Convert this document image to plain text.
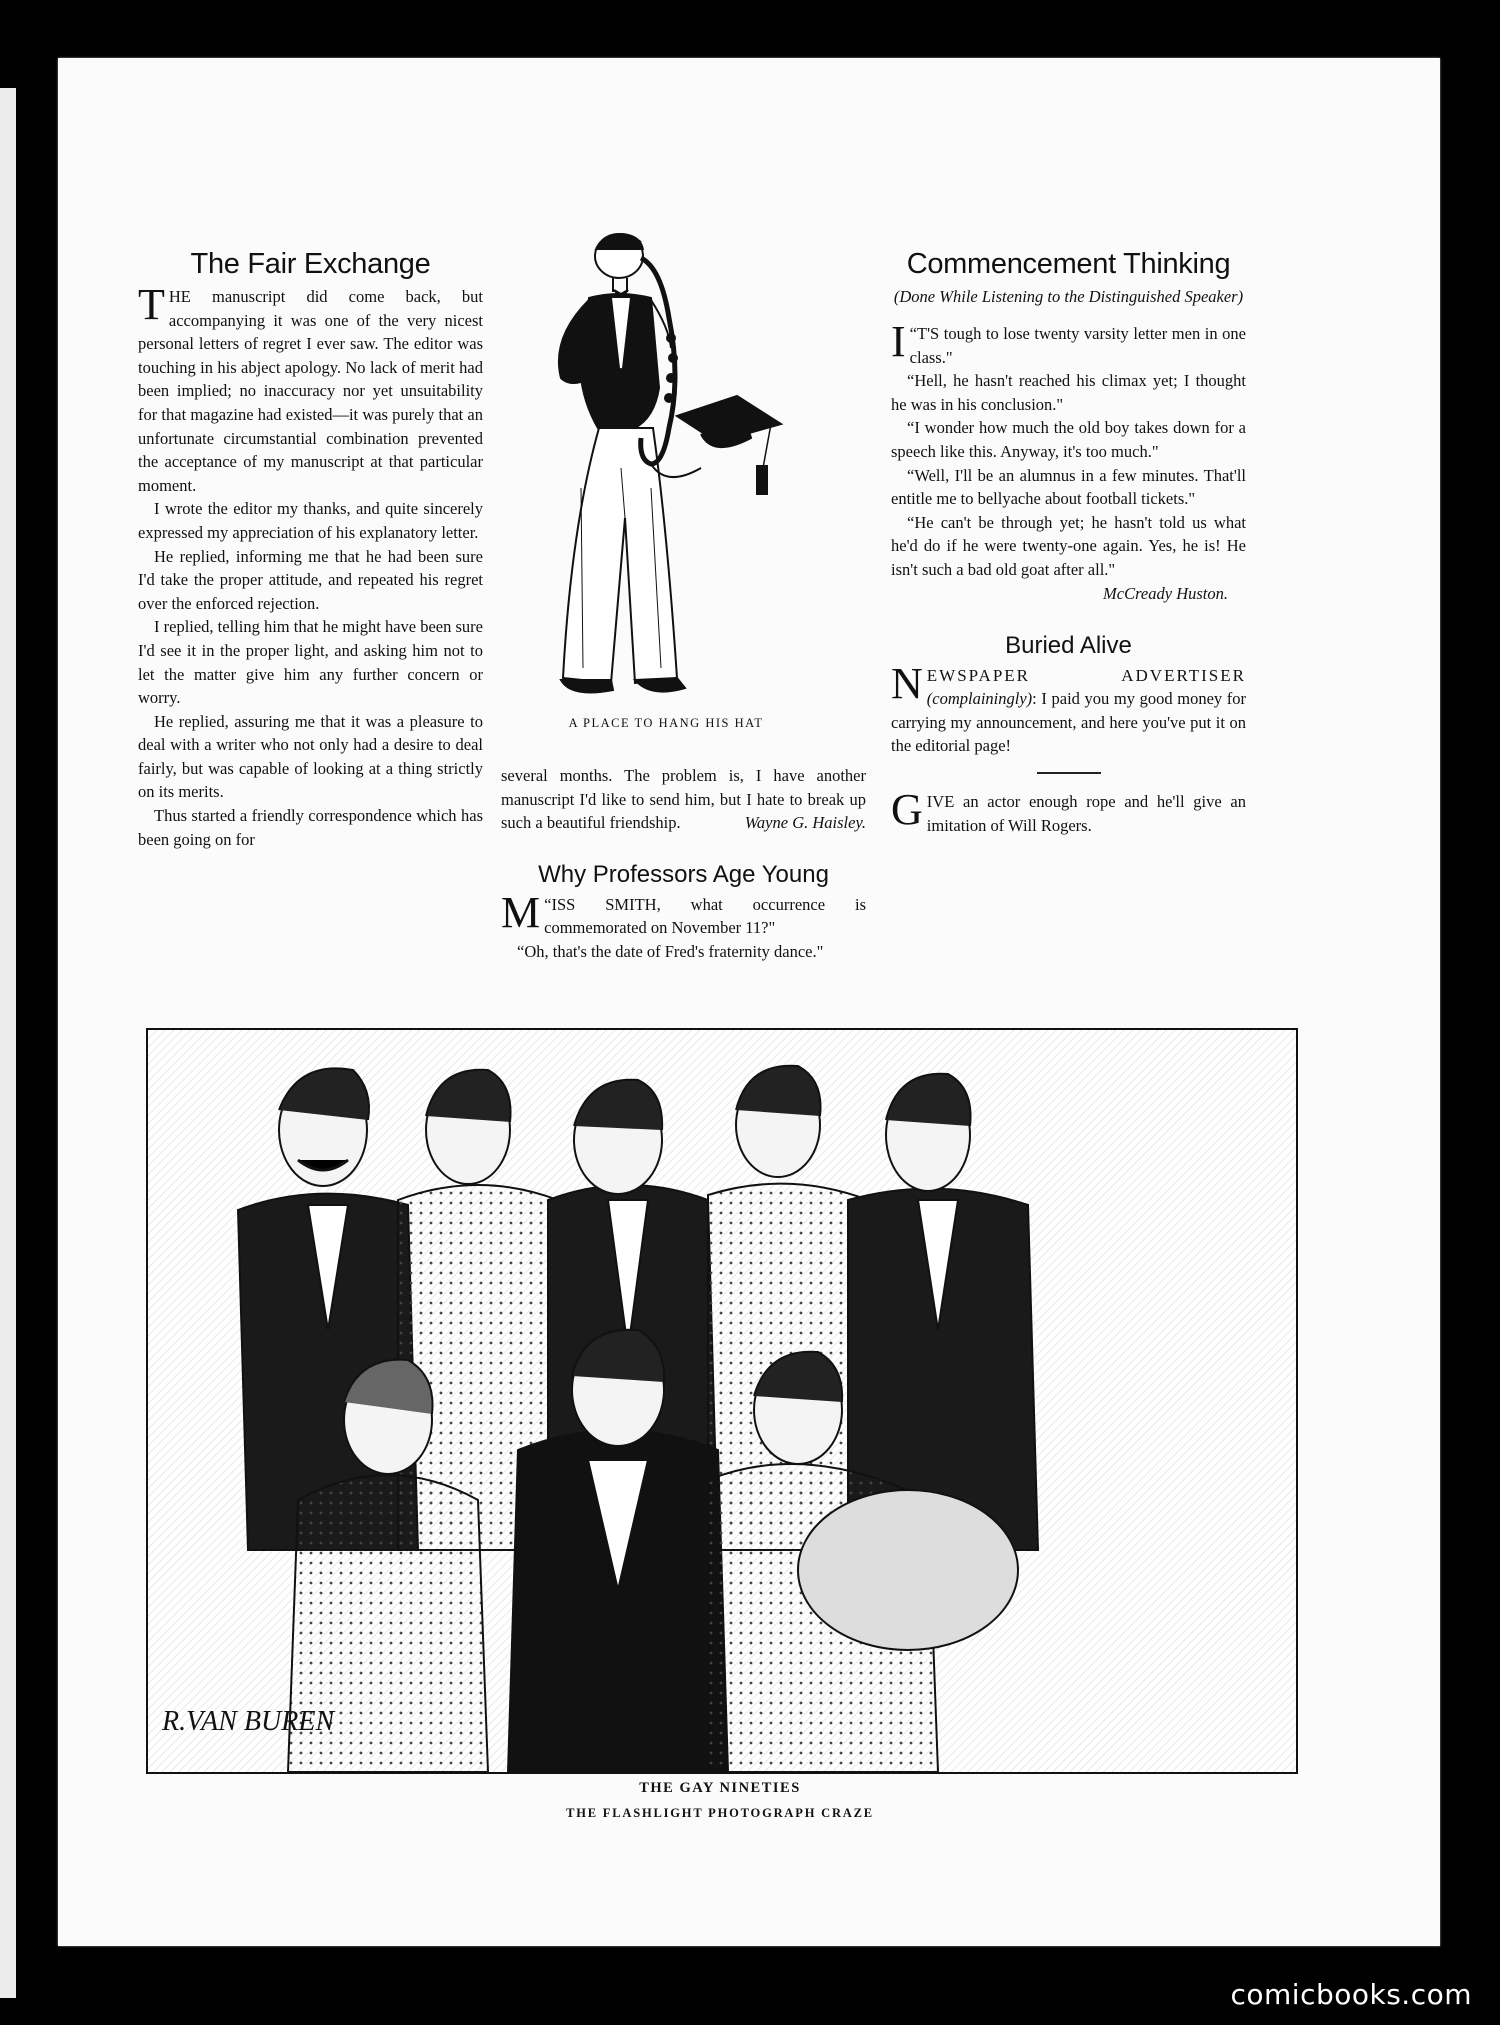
The Fair Exchange

THE manuscript did come back, but accompanying it was one of the very nicest personal letters of regret I ever saw. The editor was touching in his abject apology. No lack of merit had been implied; no inaccuracy nor yet unsuitability for that magazine had existed—it was purely that an unfortunate circumstantial combination prevented the acceptance of my manuscript at that particular moment.

I wrote the editor my thanks, and quite sincerely expressed my appreciation of his explanatory letter.

He replied, informing me that he had been sure I'd take the proper attitude, and repeated his regret over the enforced rejection.

I replied, telling him that he might have been sure I'd see it in the proper light, and asking him not to let the matter give him any further concern or worry.

He replied, assuring me that it was a pleasure to deal with a writer who not only had a desire to deal fairly, but was capable of looking at a thing strictly on its merits.

Thus started a friendly correspondence which has been going on for

A PLACE TO HANG HIS HAT

several months. The problem is, I have another manuscript I'd like to send him, but I hate to break up such a beautiful friendship.	Wayne G. Haisley.

Why Professors Age Young

“
M ISS SMITH, what occurrence is commemorated on November 11?"

“Oh, that's the date of Fred's fraternity dance."

Commencement Thinking
(Done While Listening to the Distinguished Speaker)

“
I T'S tough to lose twenty varsity letter men in one class."

“Hell, he hasn't reached his climax yet; I thought he was in his conclusion."

“I wonder how much the old boy takes down for a speech like this. Anyway, it's too much."

“Well, I'll be an alumnus in a few minutes. That'll entitle me to bellyache about football tickets."

“He can't be through yet; he hasn't told us what he'd do if he were twenty-one again. Yes, he is! He isn't such a bad old goat after all."

McCready Huston.
Buried Alive

NEWSPAPER ADVERTISER (complainingly): I paid you my good money for carrying my announcement, and here you've put it on the editorial page!

GIVE an actor enough rope and he'll give an imitation of Will Rogers.

R.VAN BUREN
THE GAY NINETIES
THE FLASHLIGHT PHOTOGRAPH CRAZE
comicbooks.com
